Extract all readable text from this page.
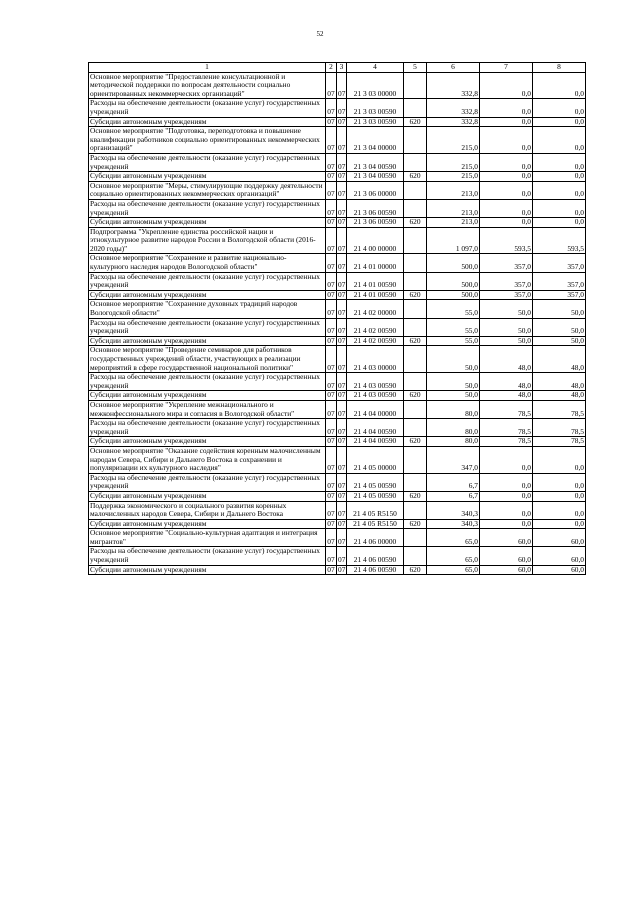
52
1	2	3	4	5	6	7	8
Основное мероприятие "Предоставление консультационной и методической поддержки по вопросам деятельности социально ориентированных некоммерческих организаций"	07	07	21 3 03 00000		332,8	0,0	0,0
Расходы на обеспечение деятельности (оказание услуг) государственных учреждений	07	07	21 3 03 00590		332,8	0,0	0,0
Субсидии автономным учреждениям	07	07	21 3 03 00590	620	332,8	0,0	0,0
Основное мероприятие "Подготовка, переподготовка и повышение квалификации работников социально ориентированных некоммерческих организаций"	07	07	21 3 04 00000		215,0	0,0	0,0
Расходы на обеспечение деятельности (оказание услуг) государственных учреждений	07	07	21 3 04 00590		215,0	0,0	0,0
Субсидии автономным учреждениям	07	07	21 3 04 00590	620	215,0	0,0	0,0
Основное мероприятие "Меры, стимулирующие поддержку деятельности социально ориентированных некоммерческих организаций"	07	07	21 3 06 00000		213,0	0,0	0,0
Расходы на обеспечение деятельности (оказание услуг) государственных учреждений	07	07	21 3 06 00590		213,0	0,0	0,0
Субсидии автономным учреждениям	07	07	21 3 06 00590	620	213,0	0,0	0,0
Подпрограмма "Укрепление единства российской нации и этнокультурное развитие народов России в Вологодской области (2016-2020 годы)"	07	07	21 4 00 00000		1 097,0	593,5	593,5
Основное мероприятие "Сохранение и развитие национально-культурного наследия народов Вологодской области"	07	07	21 4 01 00000		500,0	357,0	357,0
Расходы на обеспечение деятельности (оказание услуг) государственных учреждений	07	07	21 4 01 00590		500,0	357,0	357,0
Субсидии автономным учреждениям	07	07	21 4 01 00590	620	500,0	357,0	357,0
Основное мероприятие "Сохранение духовных традиций народов Вологодской области"	07	07	21 4 02 00000		55,0	50,0	50,0
Расходы на обеспечение деятельности (оказание услуг) государственных учреждений	07	07	21 4 02 00590		55,0	50,0	50,0
Субсидии автономным учреждениям	07	07	21 4 02 00590	620	55,0	50,0	50,0
Основное мероприятие "Проведение семинаров для работников государственных учреждений области, участвующих в реализации мероприятий в сфере государственной национальной политики"	07	07	21 4 03 00000		50,0	48,0	48,0
Расходы на обеспечение деятельности (оказание услуг) государственных учреждений	07	07	21 4 03 00590		50,0	48,0	48,0
Субсидии автономным учреждениям	07	07	21 4 03 00590	620	50,0	48,0	48,0
Основное мероприятие "Укрепление межнационального и межконфессионального мира и согласия в Вологодской области"	07	07	21 4 04 00000		80,0	78,5	78,5
Расходы на обеспечение деятельности (оказание услуг) государственных учреждений	07	07	21 4 04 00590		80,0	78,5	78,5
Субсидии автономным учреждениям	07	07	21 4 04 00590	620	80,0	78,5	78,5
Основное мероприятие "Оказание содействия коренным малочисленным народам Севера, Сибири и Дальнего Востока в сохранении и популяризации их культурного наследия"	07	07	21 4 05 00000		347,0	0,0	0,0
Расходы на обеспечение деятельности (оказание услуг) государственных учреждений	07	07	21 4 05 00590		6,7	0,0	0,0
Субсидии автономным учреждениям	07	07	21 4 05 00590	620	6,7	0,0	0,0
Поддержка экономического и социального развития коренных малочисленных народов Севера, Сибири и Дальнего Востока	07	07	21 4 05 R5150		340,3	0,0	0,0
Субсидии автономным учреждениям	07	07	21 4 05 R5150	620	340,3	0,0	0,0
Основное мероприятие "Социально-культурная адаптация и интеграция мигрантов"	07	07	21 4 06 00000		65,0	60,0	60,0
Расходы на обеспечение деятельности (оказание услуг) государственных учреждений	07	07	21 4 06 00590		65,0	60,0	60,0
Субсидии автономным учреждениям	07	07	21 4 06 00590	620	65,0	60,0	60,0
